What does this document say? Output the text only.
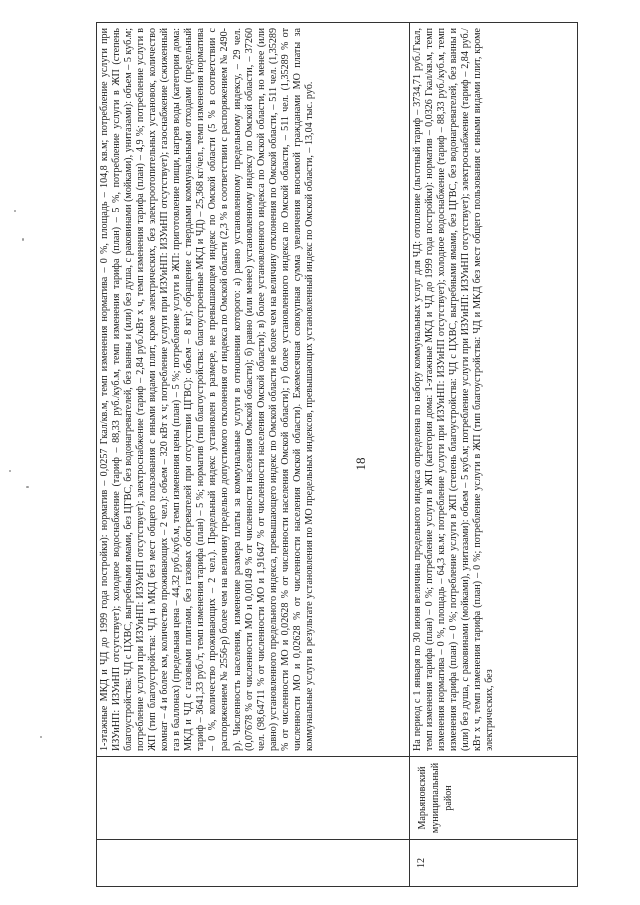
18

		1-этажные МКД и ЧД до 1999 года постройки): норматив – 0,0257 Гкал/кв.м, темп изменения норматива – 0 %, площадь – 104,8 кв.м; потребление услуги при ИЗУиНП: ИЗУиНП отсутствует); холодное водоснабжение (тариф – 88,33 руб./куб.м, темп изменения тарифа (план) – 5 %, потребление услуги в ЖП (степень благоустройства: ЧД с ЦХВС, выгребными ямами, без ЦГВС, без водонагревателей, без ванны и (или) без душа, с раковинами (мойками), унитазами): объем – 5 куб.м; потребление услуги при ИЗУиНП: ИЗУиНП отсутствует); электроснабжение (тариф – 2,84 руб./кВт х ч, темп изменения тарифа (план) – 4,9 %; потребление услуги в ЖП (тип благоустройства: ЧД и МКД без мест общего пользования с иными видами плит, кроме электрических, без электроотопительных установок, количество комнат – 4 и более км, количество проживающих – 2 чел.): объем – 320 кВт х ч; потребление услуги при ИЗУиНП: ИЗУиНП отсутствует); газоснабжение (сжиженный газ в баллонах) (предельная цена – 44,32 руб./куб.м, темп изменения цены (план) – 5 %; потребление услуги в ЖП: приготовление пищи, нагрев воды (категория дома: МКД и ЧД с газовыми плитами, без газовых обогревателей при отсутствии ЦГВС): объем – 8 кг); обращение с твердыми коммунальными отходами (предельный тариф – 3641,33 руб./т, темп изменения тарифа (план) – 5 %; норматив (тип благоустройства: благоустроенные МКД и ЧД) – 25,368 кг/чел., темп изменения норматива – 0 %, количество проживающих – 2 чел.). Предельный индекс установлен в размере, не превышающем индекс по Омской области (5 % в соответствии с распоряжением № 2556-р) более чем на величину предельно допустимого отклонения от индекса по Омской области (2,3 % в соответствии с распоряжением № 2490-р). Численность населения, изменение размера платы за коммунальные услуги в отношении которого: а) равно установленному предельному индексу, – 29 чел. (0,07678 % от численности МО и 0,00149 % от численности населения Омской области); б) равно (или менее) установленному индексу по Омской области, – 37260 чел. (98,64711 % от численности МО и 1,91647 % от численности населения Омской области); в) более установленного индекса по Омской области, но менее (или равно) установленного предельного индекса, превышающего индекс по Омской области не более чем на величину отклонения по Омской области, – 511 чел. (1,35289 % от численности МО и 0,02628 % от численности населения Омской области); г) более установленного индекса по Омской области, – 511 чел. (1,35289 % от численности МО и 0,02628 % от численности населения Омской области). Ежемесячная совокупная сумма увеличения вносимой гражданами МО платы за коммунальные услуги в результате установления по МО предельных индексов, превышающих установленный индекс по Омской области, – 13,04 тыс. руб.

12	Марьяновский муниципальный район	На период с 1 января по 30 июня величина предельного индекса определена по набору коммунальных услуг для ЧД: отопление (льготный тариф – 3734,71 руб./Гкал, темп изменения тарифа (план) – 0 %; потребление услуги в ЖП (категория дома: 1-этажные МКД и ЧД до 1999 года постройки): норматив – 0,0326 Гкал/кв.м, темп изменения норматива – 0 %, площадь – 64,3 кв.м; потребление услуги при ИЗУиНП: ИЗУиНП отсутствует); холодное водоснабжение (тариф – 88,33 руб./куб.м, темп изменения тарифа (план) – 0 %; потребление услуги в ЖП (степень благоустройства: ЧД с ЦХВС, выгребными ямами, без ЦГВС, без водонагревателей, без ванны и (или) без душа, с раковинами (мойками), унитазами): объем – 5 куб.м; потребление услуги при ИЗУиНП: ИЗУиНП отсутствует); электроснабжение (тариф – 2,84 руб./кВт х ч, темп изменения тарифа (план) – 0 %; потребление услуги в ЖП (тип благоустройства: ЧД и МКД без мест общего пользования с иными видами плит, кроме электрических, без
